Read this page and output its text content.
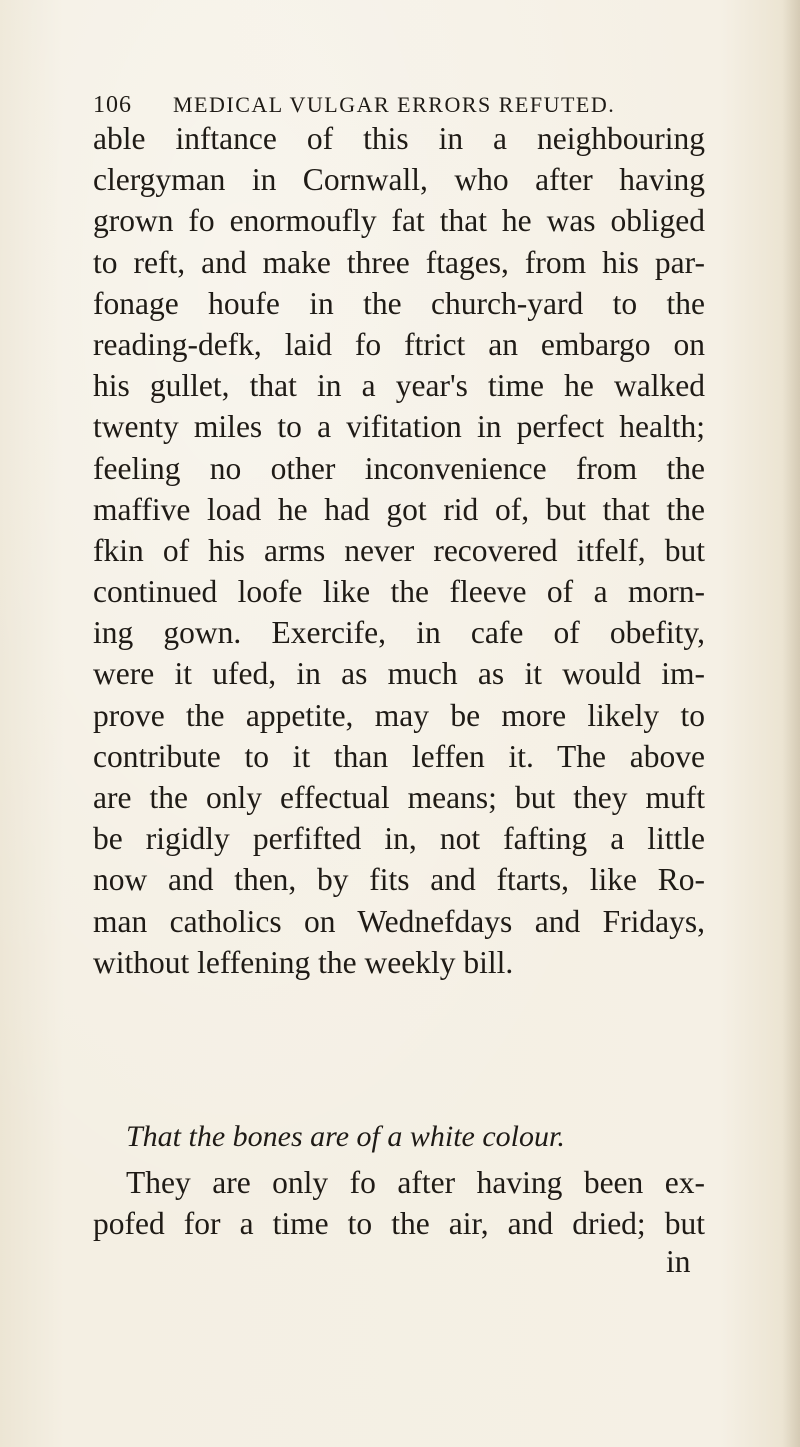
106 MEDICAL VULGAR ERRORS REFUTED.
able inftance of this in a neighbouring
clergyman in Cornwall, who after having
grown fo enormoufly fat that he was obliged
to reft, and make three ftages, from his par-
fonage houfe in the church-yard to the
reading-defk, laid fo ftrict an embargo on
his gullet, that in a year's time he walked
twenty miles to a vifitation in perfect health;
feeling no other inconvenience from the
maffive load he had got rid of, but that the
fkin of his arms never recovered itfelf, but
continued loofe like the fleeve of a morn-
ing gown. Exercife, in cafe of obefity,
were it ufed, in as much as it would im-
prove the appetite, may be more likely to
contribute to it than leffen it. The above
are the only effectual means; but they muft
be rigidly perfifted in, not fafting a little
now and then, by fits and ftarts, like Ro-
man catholics on Wednefdays and Fridays,
without leffening the weekly bill.
That the bones are of a white colour.
They are only fo after having been ex-
pofed for a time to the air, and dried; but
in
